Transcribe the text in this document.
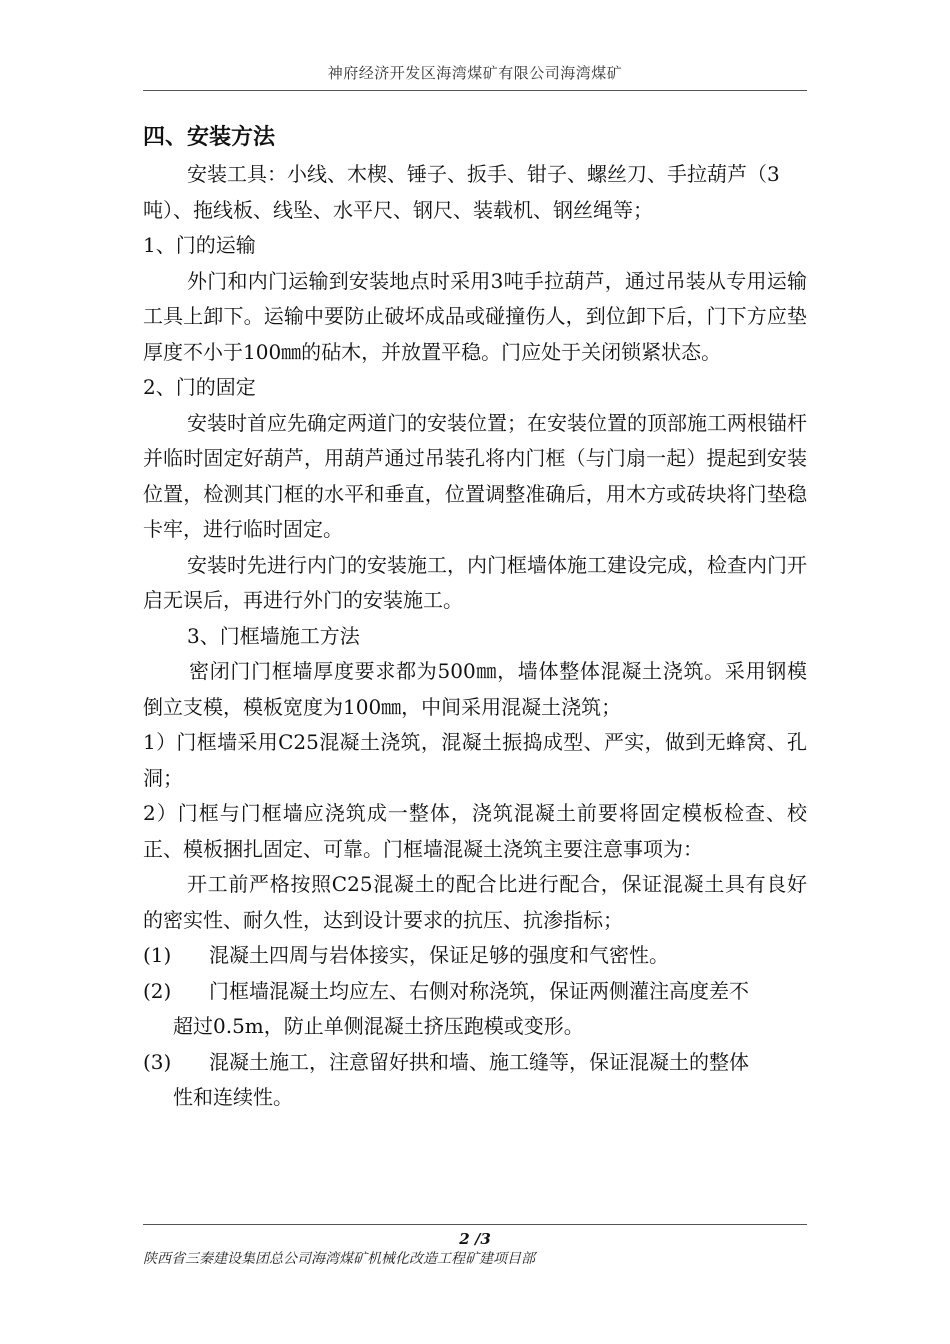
神府经济开发区海湾煤矿有限公司海湾煤矿
四、安装方法

安装工具：小线、木楔、锤子、扳手、钳子、螺丝刀、手拉葫芦（3

吨）、拖线板、线坠、水平尺、钢尺、装载机、钢丝绳等；

1、门的运输

外门和内门运输到安装地点时采用3吨手拉葫芦，通过吊装从专用运输工具上卸下。运输中要防止破坏成品或碰撞伤人，到位卸下后，门下方应垫厚度不小于100㎜的砧木，并放置平稳。门应处于关闭锁紧状态。

2、门的固定

安装时首应先确定两道门的安装位置；在安装位置的顶部施工两根锚杆并临时固定好葫芦，用葫芦通过吊装孔将内门框（与门扇一起）提起到安装位置，检测其门框的水平和垂直，位置调整准确后，用木方或砖块将门垫稳卡牢，进行临时固定。

安装时先进行内门的安装施工，内门框墙体施工建设完成，检查内门开启无误后，再进行外门的安装施工。

3、门框墙施工方法

密闭门门框墙厚度要求都为500㎜，墙体整体混凝土浇筑。采用钢模倒立支模，模板宽度为100㎜，中间采用混凝土浇筑；

1）门框墙采用C25混凝土浇筑，混凝土振捣成型、严实，做到无蜂窝、孔洞；

2）门框与门框墙应浇筑成一整体，浇筑混凝土前要将固定模板检查、校正、模板捆扎固定、可靠。门框墙混凝土浇筑主要注意事项为：

开工前严格按照C25混凝土的配合比进行配合，保证混凝土具有良好的密实性、耐久性，达到设计要求的抗压、抗渗指标；

(1)	混凝土四周与岩体接实，保证足够的强度和气密性。
(2)	门框墙混凝土均应左、右侧对称浇筑，保证两侧灌注高度差不

超过0.5m，防止单侧混凝土挤压跑模或变形。

(3)	混凝土施工，注意留好拱和墙、施工缝等，保证混凝土的整体

性和连续性。

2 /3
陕西省三秦建设集团总公司海湾煤矿机械化改造工程矿建项目部
